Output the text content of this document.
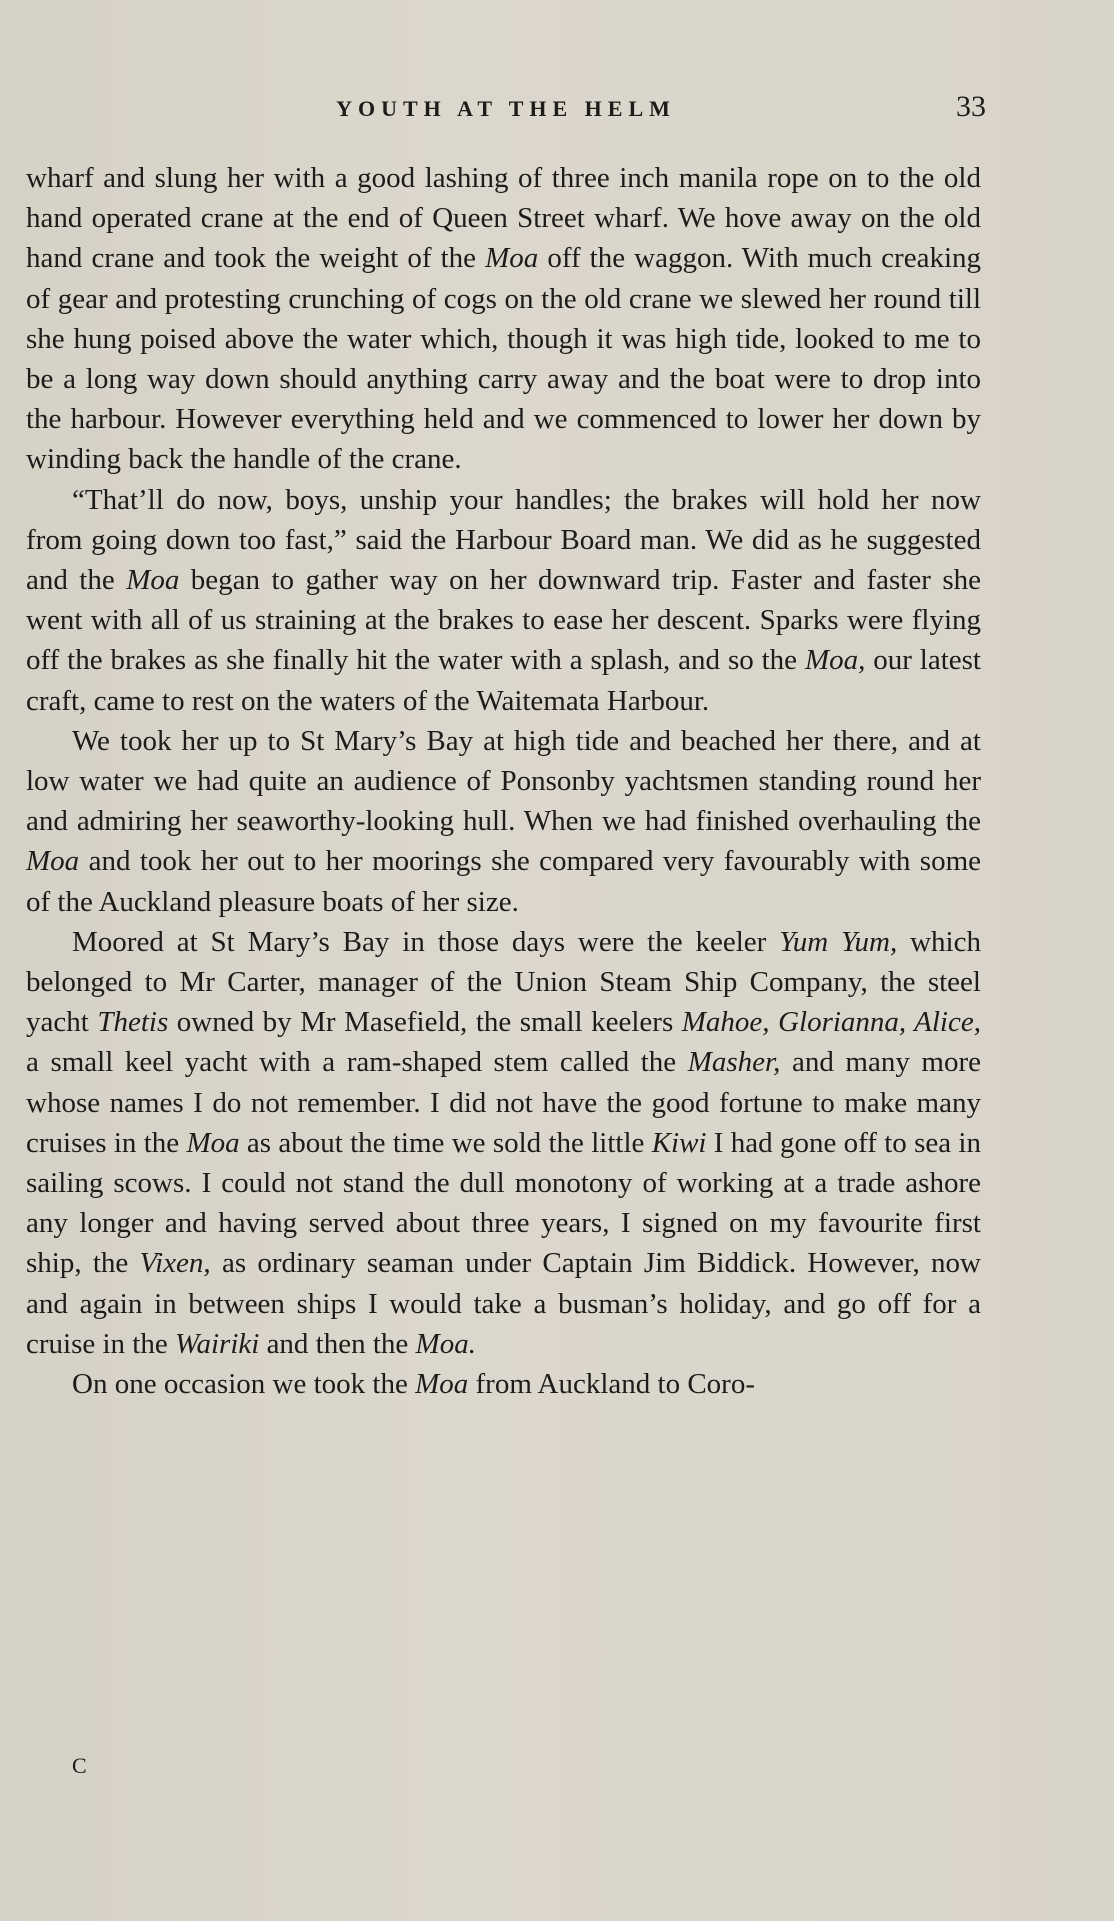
YOUTH AT THE HELM	33

wharf and slung her with a good lashing of three inch manila rope on to the old hand operated crane at the end of Queen Street wharf. We hove away on the old hand crane and took the weight of the Moa off the waggon. With much creaking of gear and protesting crunching of cogs on the old crane we slewed her round till she hung poised above the water which, though it was high tide, looked to me to be a long way down should anything carry away and the boat were to drop into the harbour. However everything held and we commenced to lower her down by winding back the handle of the crane.

“That’ll do now, boys, unship your handles; the brakes will hold her now from going down too fast,” said the Harbour Board man. We did as he suggested and the Moa began to gather way on her downward trip. Faster and faster she went with all of us straining at the brakes to ease her descent. Sparks were flying off the brakes as she finally hit the water with a splash, and so the Moa, our latest craft, came to rest on the waters of the Waitemata Harbour.

We took her up to St Mary’s Bay at high tide and beached her there, and at low water we had quite an audience of Ponsonby yachtsmen standing round her and admiring her seaworthy-looking hull. When we had finished overhauling the Moa and took her out to her moorings she compared very favourably with some of the Auckland pleasure boats of her size.

Moored at St Mary’s Bay in those days were the keeler Yum Yum, which belonged to Mr Carter, manager of the Union Steam Ship Company, the steel yacht Thetis owned by Mr Masefield, the small keelers Mahoe, Glorianna, Alice, a small keel yacht with a ram-shaped stem called the Masher, and many more whose names I do not remember. I did not have the good fortune to make many cruises in the Moa as about the time we sold the little Kiwi I had gone off to sea in sailing scows. I could not stand the dull monotony of working at a trade ashore any longer and having served about three years, I signed on my favourite first ship, the Vixen, as ordinary seaman under Captain Jim Biddick. However, now and again in between ships I would take a busman’s holiday, and go off for a cruise in the Wairiki and then the Moa.

On one occasion we took the Moa from Auckland to Coro-

C
